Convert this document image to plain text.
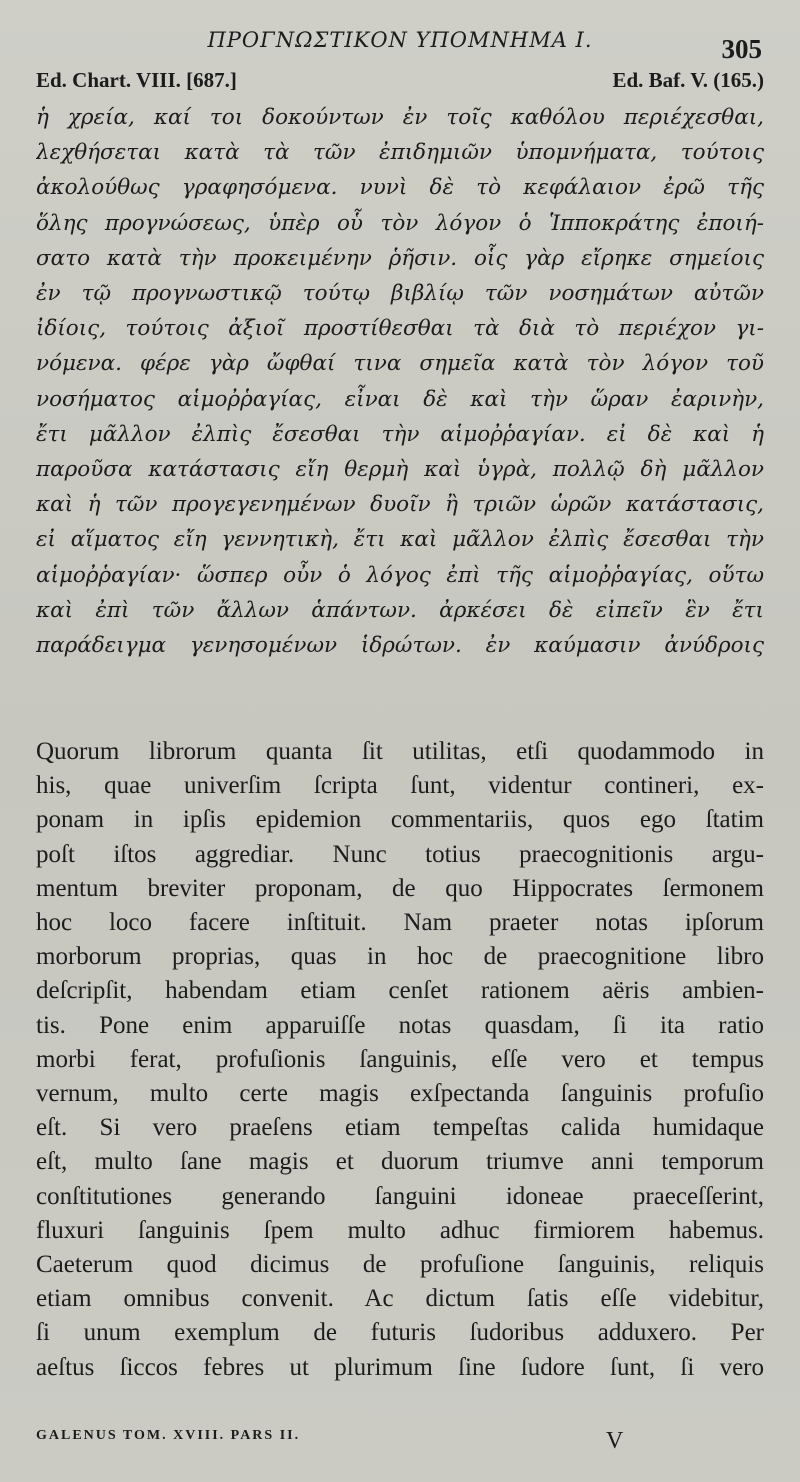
ΠΡΟΓΝΩΣΤΙΚΟΝ ΥΠΟΜΝΗΜΑ Ι.	305
Ed. Chart. VIII. [687.]	Ed. Baf. V. (165.)
ἡ χρεία, καί τοι δοκούντων ἐν τοῖς καθόλου περιέχεσθαι,
λεχθήσεται κατὰ τὰ τῶν ἐπιδημιῶν ὑπομνήματα, τούτοις
ἀκολούθως γραφησόμενα. νυνὶ δὲ τὸ κεφάλαιον ἐρῶ τῆς
ὅλης προγνώσεως, ὑπὲρ οὗ τὸν λόγον ὁ Ἱπποκράτης ἐποιή-
σατο κατὰ τὴν προκειμένην ῥῆσιν. οἷς γὰρ εἴρηκε σημείοις
ἐν τῷ προγνωστικῷ τούτῳ βιβλίῳ τῶν νοσημάτων αὐτῶν
ἰδίοις, τούτοις ἀξιοῖ προστίθεσθαι τὰ διὰ τὸ περιέχον γι-
νόμενα. φέρε γὰρ ὤφθαί τινα σημεῖα κατὰ τὸν λόγον τοῦ
νοσήματος αἱμοῤῥαγίας, εἶναι δὲ καὶ τὴν ὥραν ἐαρινὴν,
ἔτι μᾶλλον ἐλπὶς ἔσεσθαι τὴν αἱμοῤῥαγίαν. εἰ δὲ καὶ ἡ
παροῦσα κατάστασις εἴη θερμὴ καὶ ὑγρὰ, πολλῷ δὴ μᾶλλον
καὶ ἡ τῶν προγεγενημένων δυοῖν ἢ τριῶν ὡρῶν κατάστασις,
εἰ αἵματος εἴη γεννητικὴ, ἔτι καὶ μᾶλλον ἐλπὶς ἔσεσθαι τὴν
αἱμοῤῥαγίαν· ὥσπερ οὖν ὁ λόγος ἐπὶ τῆς αἱμοῤῥαγίας, οὕτω
καὶ ἐπὶ τῶν ἄλλων ἁπάντων. ἀρκέσει δὲ εἰπεῖν ἓν ἔτι
παράδειγμα γενησομένων ἱδρώτων. ἐν καύμασιν ἀνύδροις
Quorum librorum quanta ſit utilitas, etſi quodammodo in
his, quae univerſim ſcripta ſunt, videntur contineri, ex-
ponam in ipſis epidemion commentariis, quos ego ſtatim
poſt iſtos aggrediar. Nunc totius praecognitionis argu-
mentum breviter proponam, de quo Hippocrates ſermonem
hoc loco facere inſtituit. Nam praeter notas ipſorum
morborum proprias, quas in hoc de praecognitione libro
deſcripſit, habendam etiam cenſet rationem aëris ambien-
tis. Pone enim apparuiſſe notas quasdam, ſi ita ratio
morbi ferat, profuſionis ſanguinis, eſſe vero et tempus
vernum, multo certe magis exſpectanda ſanguinis profuſio
eſt. Si vero praeſens etiam tempeſtas calida humidaque
eſt, multo ſane magis et duorum triumve anni temporum
conſtitutiones generando ſanguini idoneae praeceſſerint,
fluxuri ſanguinis ſpem multo adhuc firmiorem habemus.
Caeterum quod dicimus de profuſione ſanguinis, reliquis
etiam omnibus convenit. Ac dictum ſatis eſſe videbitur,
ſi unum exemplum de futuris ſudoribus adduxero. Per
aeſtus ſiccos febres ut plurimum ſine ſudore ſunt, ſi vero
GALENUS TOM. XVIII. PARS II.	V
